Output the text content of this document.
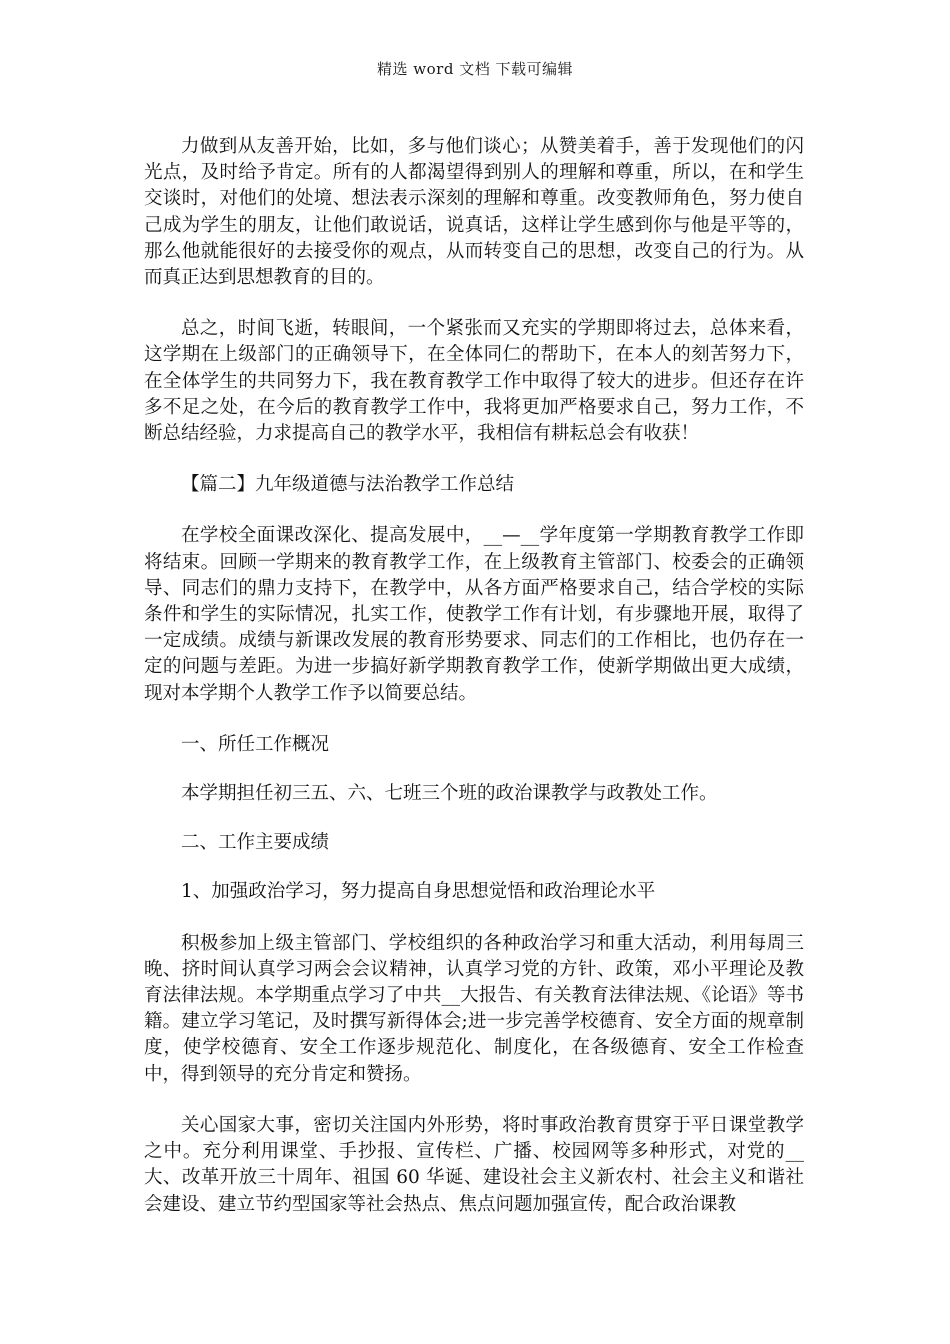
精选 word 文档 下载可编辑

力做到从友善开始，比如，多与他们谈心；从赞美着手，善于发现他们的闪光点，及时给予肯定。所有的人都渴望得到别人的理解和尊重，所以，在和学生交谈时，对他们的处境、想法表示深刻的理解和尊重。改变教师角色，努力使自己成为学生的朋友，让他们敢说话，说真话，这样让学生感到你与他是平等的，那么他就能很好的去接受你的观点，从而转变自己的思想，改变自己的行为。从而真正达到思想教育的目的。

总之，时间飞逝，转眼间，一个紧张而又充实的学期即将过去，总体来看，这学期在上级部门的正确领导下，在全体同仁的帮助下，在本人的刻苦努力下，在全体学生的共同努力下，我在教育教学工作中取得了较大的进步。但还存在许多不足之处，在今后的教育教学工作中，我将更加严格要求自己，努力工作，不断总结经验，力求提高自己的教学水平，我相信有耕耘总会有收获！

【篇二】九年级道德与法治教学工作总结

在学校全面课改深化、提高发展中，__—__学年度第一学期教育教学工作即将结束。回顾一学期来的教育教学工作，在上级教育主管部门、校委会的正确领导、同志们的鼎力支持下，在教学中，从各方面严格要求自己，结合学校的实际条件和学生的实际情况，扎实工作，使教学工作有计划，有步骤地开展，取得了一定成绩。成绩与新课改发展的教育形势要求、同志们的工作相比，也仍存在一定的问题与差距。为进一步搞好新学期教育教学工作，使新学期做出更大成绩，现对本学期个人教学工作予以简要总结。

一、所任工作概况

本学期担任初三五、六、七班三个班的政治课教学与政教处工作。

二、工作主要成绩

1、加强政治学习，努力提高自身思想觉悟和政治理论水平

积极参加上级主管部门、学校组织的各种政治学习和重大活动，利用每周三晚、挤时间认真学习两会会议精神，认真学习党的方针、政策，邓小平理论及教育法律法规。本学期重点学习了中共__大报告、有关教育法律法规、《论语》等书籍。建立学习笔记，及时撰写新得体会;进一步完善学校德育、安全方面的规章制度，使学校德育、安全工作逐步规范化、制度化，在各级德育、安全工作检查中，得到领导的充分肯定和赞扬。

关心国家大事，密切关注国内外形势，将时事政治教育贯穿于平日课堂教学之中。充分利用课堂、手抄报、宣传栏、广播、校园网等多种形式，对党的__大、改革开放三十周年、祖国 60 华诞、建设社会主义新农村、社会主义和谐社会建设、建立节约型国家等社会热点、焦点问题加强宣传，配合政治课教
